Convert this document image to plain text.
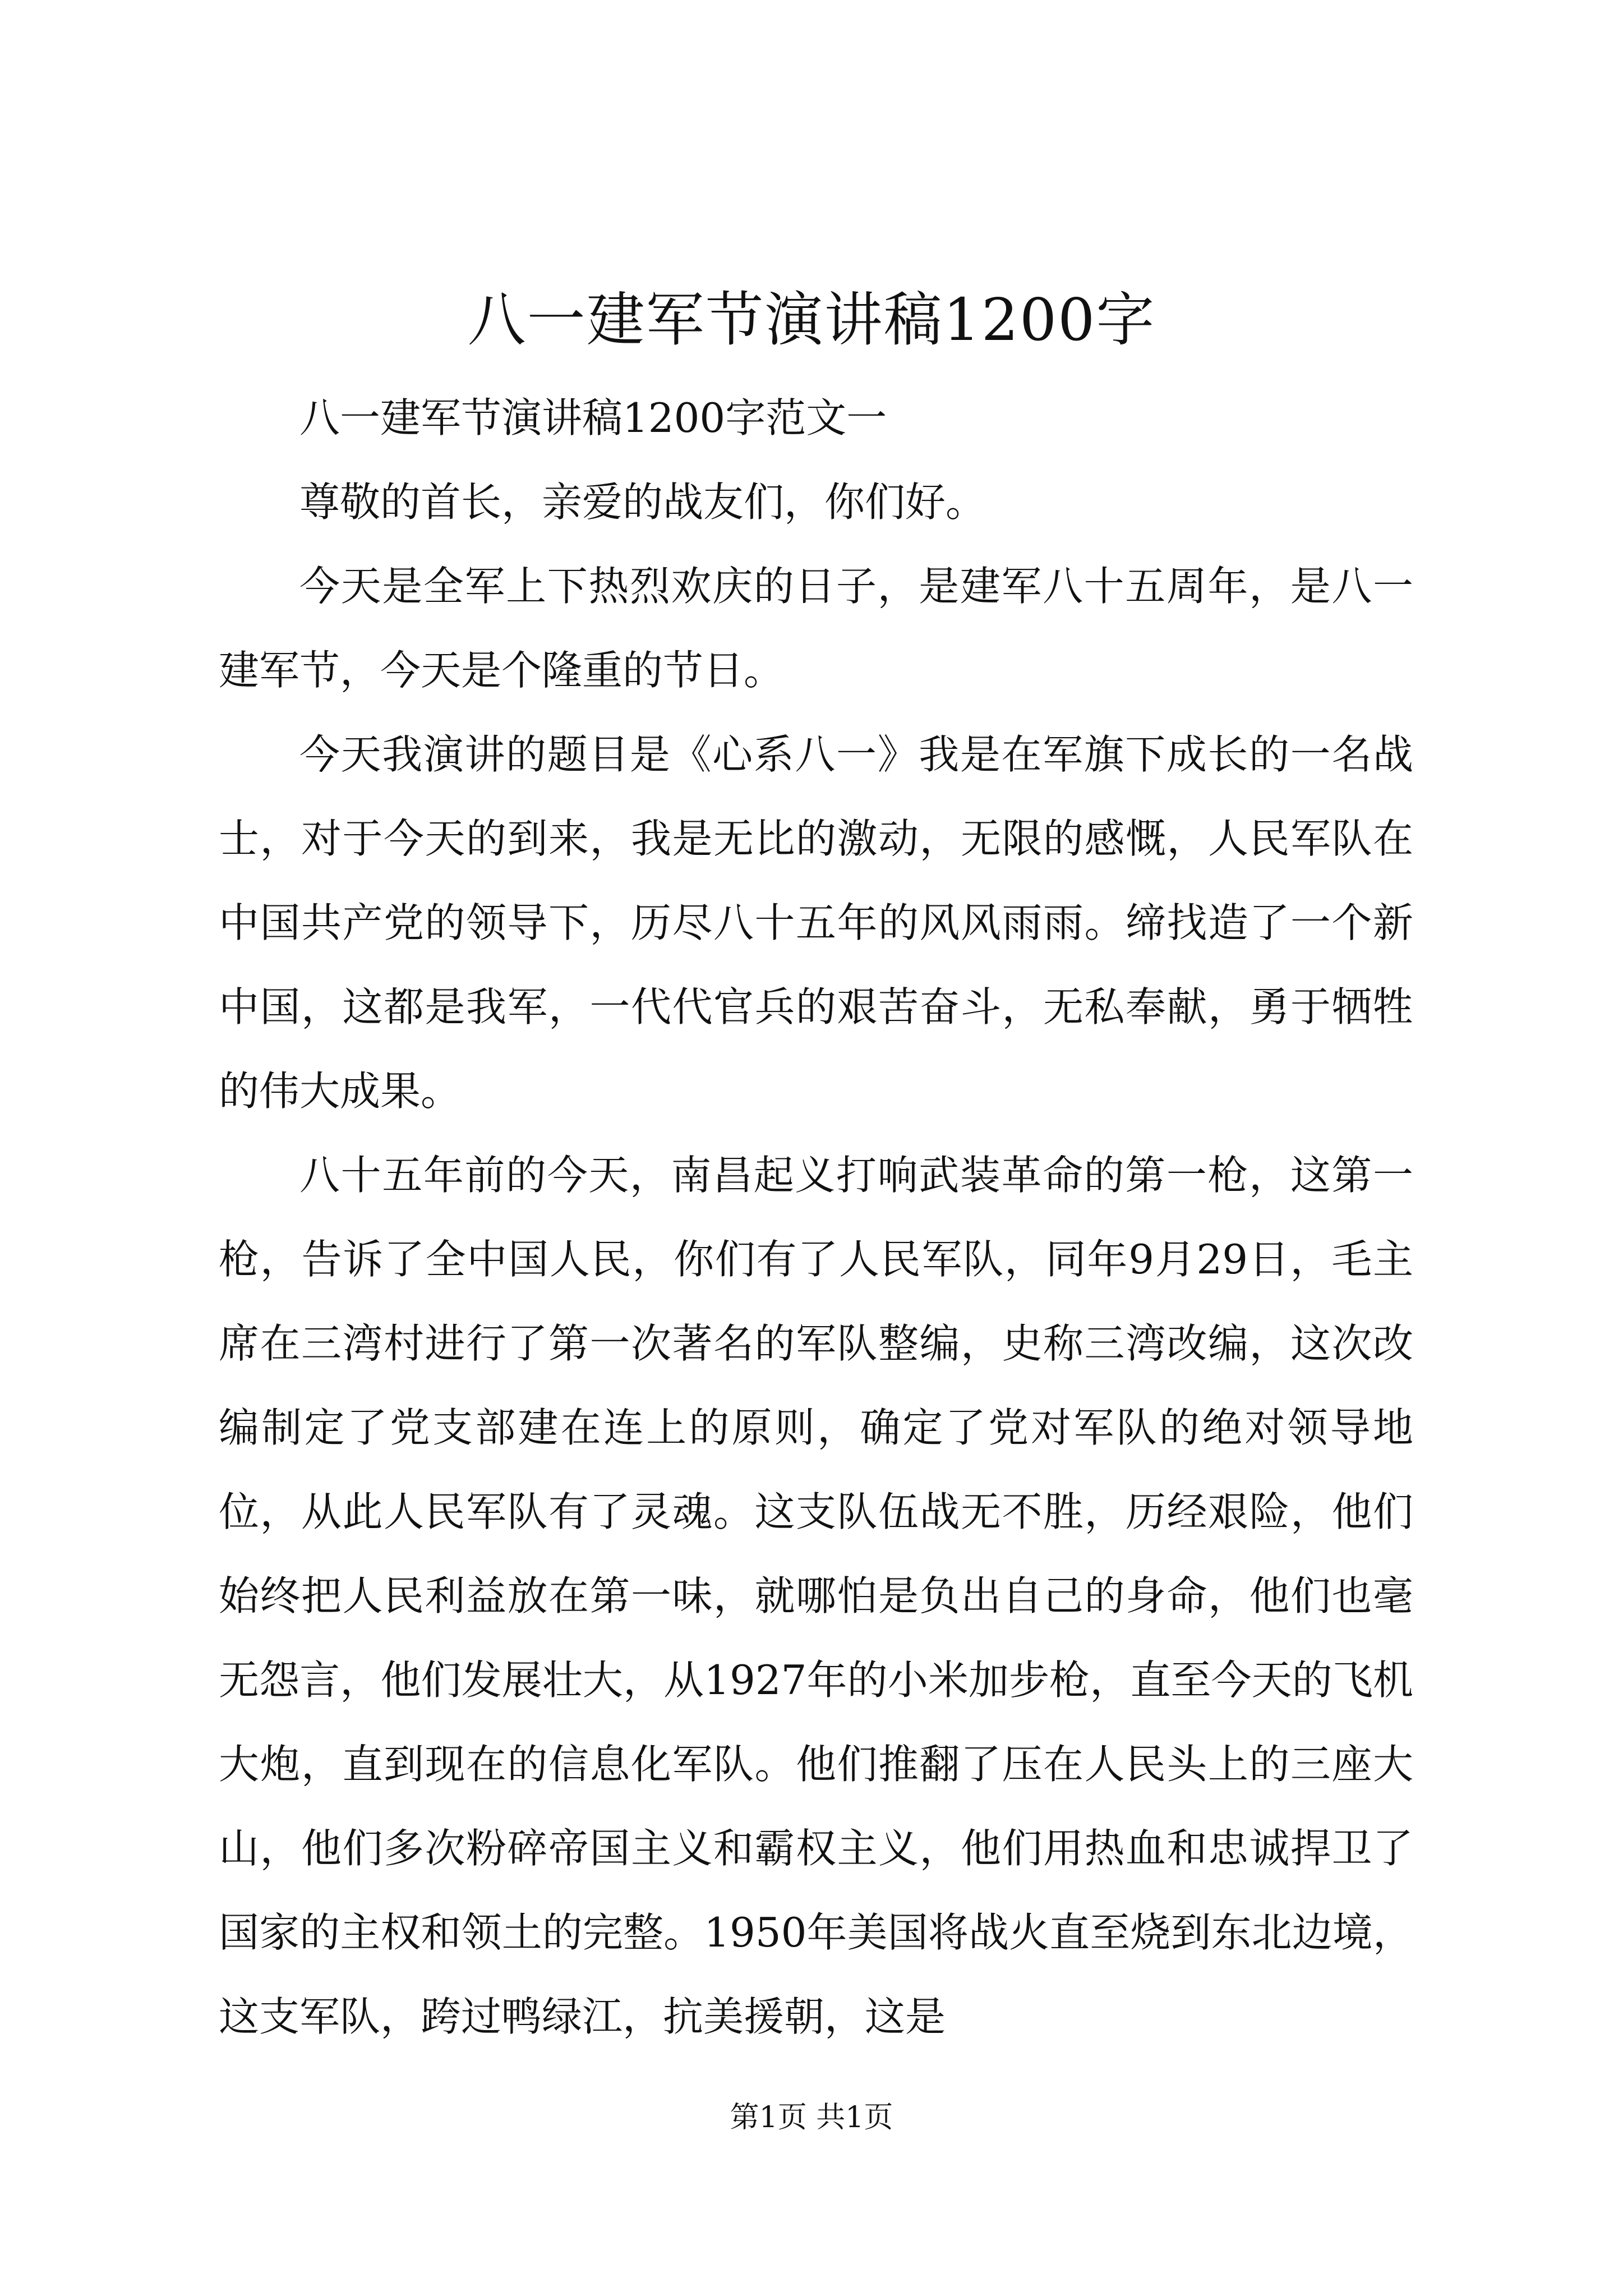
八一建军节演讲稿1200字

八一建军节演讲稿1200字范文一

尊敬的首长，亲爱的战友们，你们好。

今天是全军上下热烈欢庆的日子，是建军八十五周年，是八一建军节，今天是个隆重的节日。

今天我演讲的题目是《心系八一》我是在军旗下成长的一名战士，对于今天的到来，我是无比的激动，无限的感慨，人民军队在中国共产党的领导下，历尽八十五年的风风雨雨。缔找造了一个新中国，这都是我军，一代代官兵的艰苦奋斗，无私奉献，勇于牺牲的伟大成果。

八十五年前的今天，南昌起义打响武装革命的第一枪，这第一枪，告诉了全中国人民，你们有了人民军队，同年9月29日，毛主席在三湾村进行了第一次著名的军队整编，史称三湾改编，这次改编制定了党支部建在连上的原则，确定了党对军队的绝对领导地位，从此人民军队有了灵魂。这支队伍战无不胜，历经艰险，他们始终把人民利益放在第一味，就哪怕是负出自己的身命，他们也毫无怨言，他们发展壮大，从1927年的小米加步枪，直至今天的飞机大炮，直到现在的信息化军队。他们推翻了压在人民头上的三座大山，他们多次粉碎帝国主义和霸权主义，他们用热血和忠诚捍卫了国家的主权和领土的完整。1950年美国将战火直至烧到东北边境，这支军队，跨过鸭绿江，抗美援朝，这是

第1页 共1页
